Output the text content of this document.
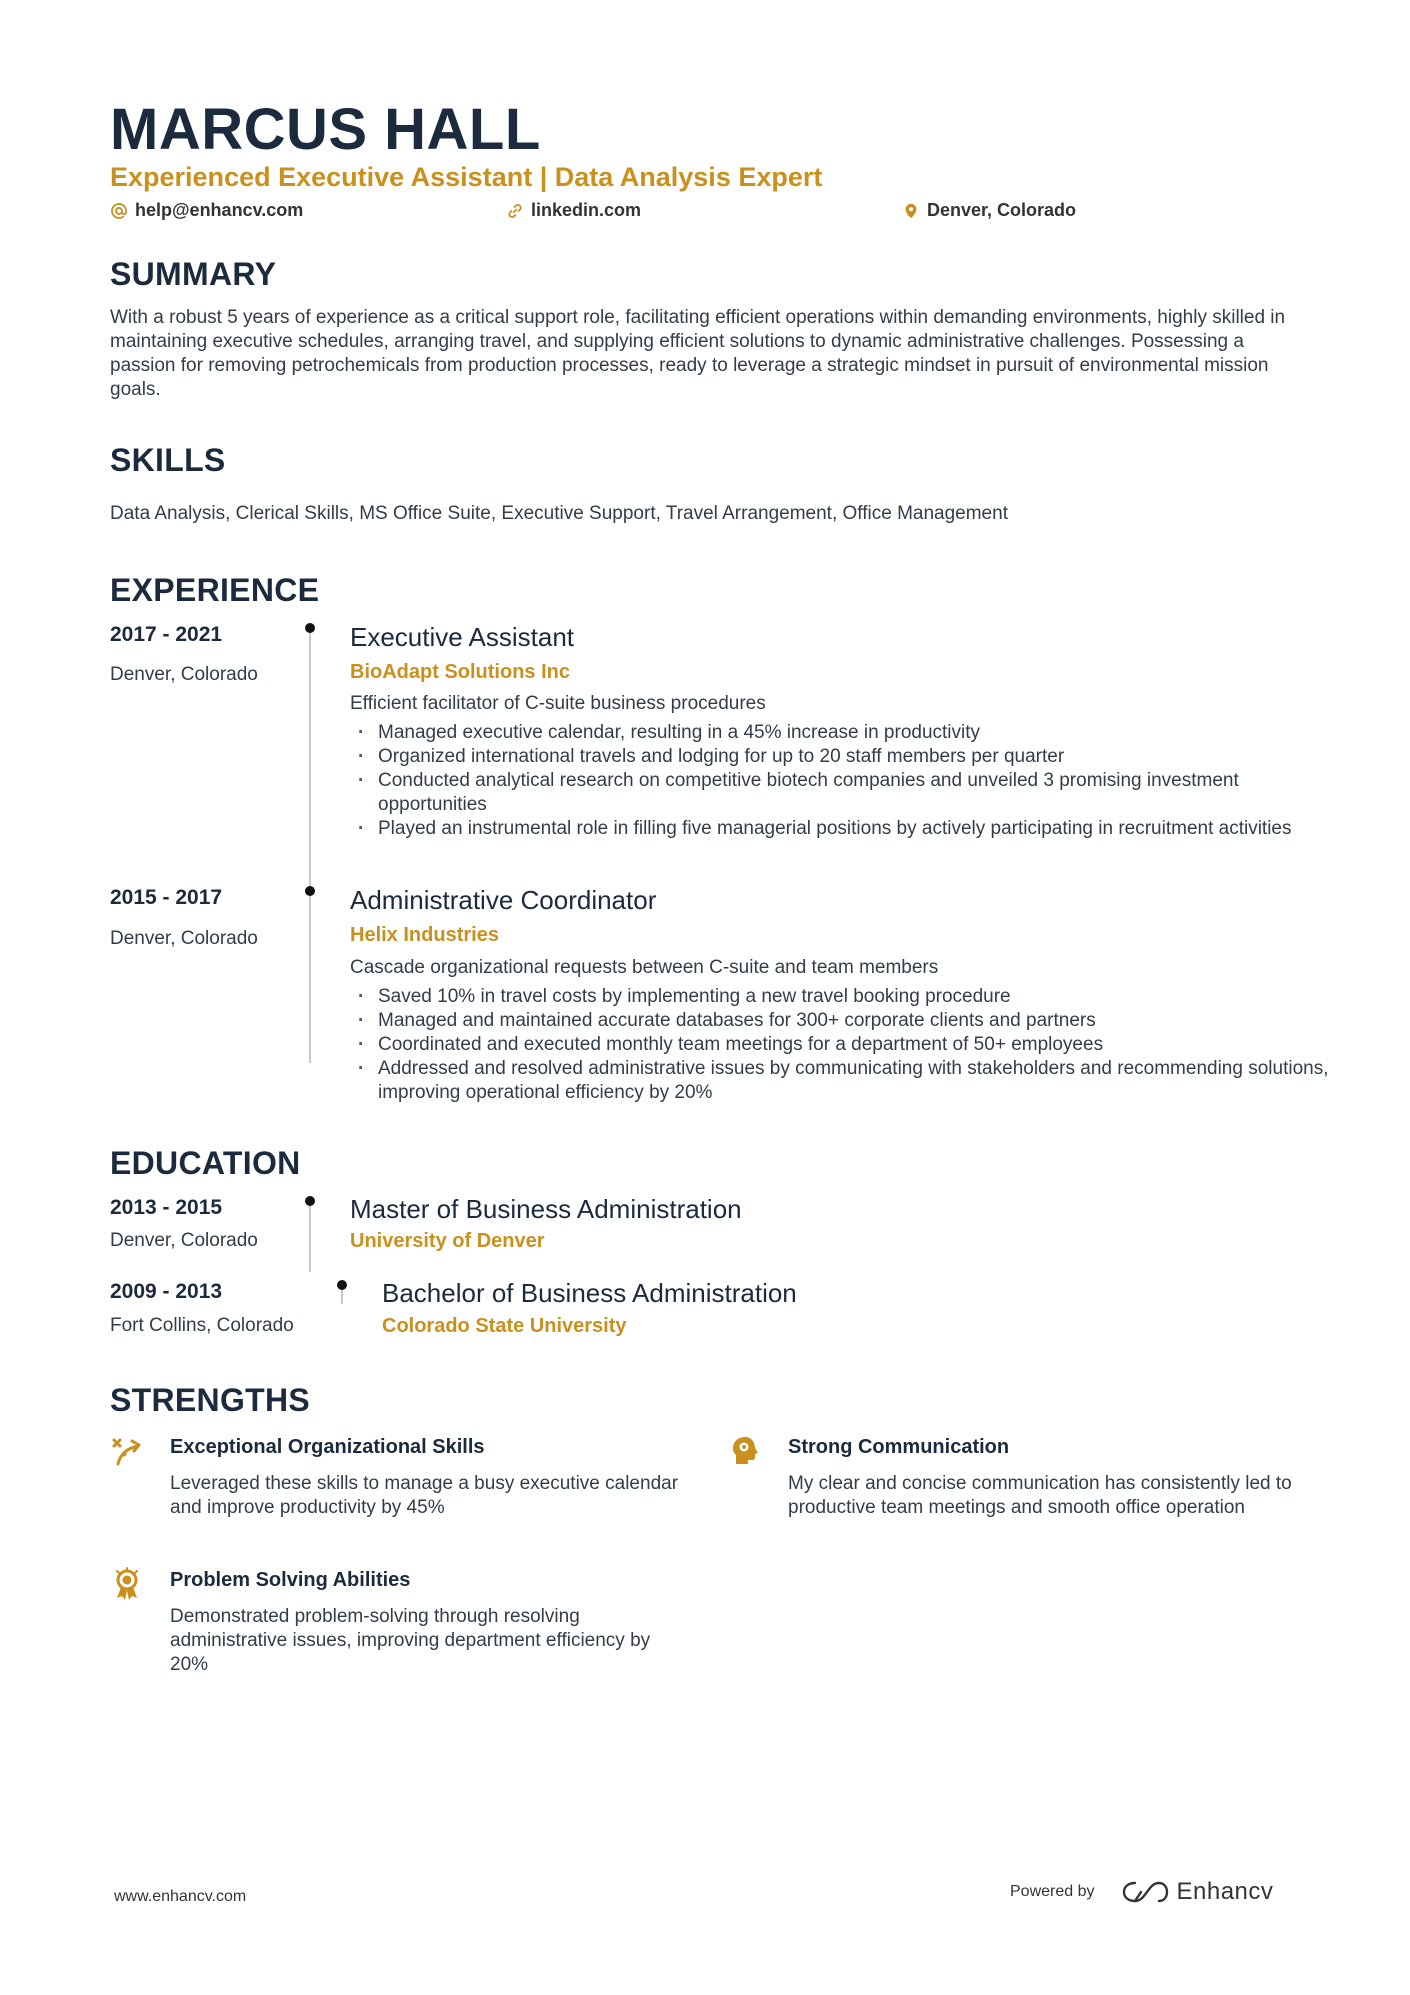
MARCUS HALL
Experienced Executive Assistant | Data Analysis Expert
help@enhancv.com	linkedin.com	Denver, Colorado
SUMMARY
With a robust 5 years of experience as a critical support role, facilitating efficient operations within demanding environments, highly skilled in maintaining executive schedules, arranging travel, and supplying efficient solutions to dynamic administrative challenges. Possessing a passion for removing petrochemicals from production processes, ready to leverage a strategic mindset in pursuit of environmental mission goals.
SKILLS
Data Analysis, Clerical Skills, MS Office Suite, Executive Support, Travel Arrangement, Office Management
EXPERIENCE
2017 - 2021
Denver, Colorado
Executive Assistant
BioAdapt Solutions Inc
Efficient facilitator of C-suite business procedures
· Managed executive calendar, resulting in a 45% increase in productivity
· Organized international travels and lodging for up to 20 staff members per quarter
· Conducted analytical research on competitive biotech companies and unveiled 3 promising investment opportunities
· Played an instrumental role in filling five managerial positions by actively participating in recruitment activities
2015 - 2017
Denver, Colorado
Administrative Coordinator
Helix Industries
Cascade organizational requests between C-suite and team members
· Saved 10% in travel costs by implementing a new travel booking procedure
· Managed and maintained accurate databases for 300+ corporate clients and partners
· Coordinated and executed monthly team meetings for a department of 50+ employees
· Addressed and resolved administrative issues by communicating with stakeholders and recommending solutions, improving operational efficiency by 20%
EDUCATION
2013 - 2015
Denver, Colorado
Master of Business Administration
University of Denver
2009 - 2013
Fort Collins, Colorado
Bachelor of Business Administration
Colorado State University
STRENGTHS
Exceptional Organizational Skills
Leveraged these skills to manage a busy executive calendar and improve productivity by 45%
Strong Communication
My clear and concise communication has consistently led to productive team meetings and smooth office operation
Problem Solving Abilities
Demonstrated problem-solving through resolving administrative issues, improving department efficiency by 20%
www.enhancv.com	Powered by	Enhancv
